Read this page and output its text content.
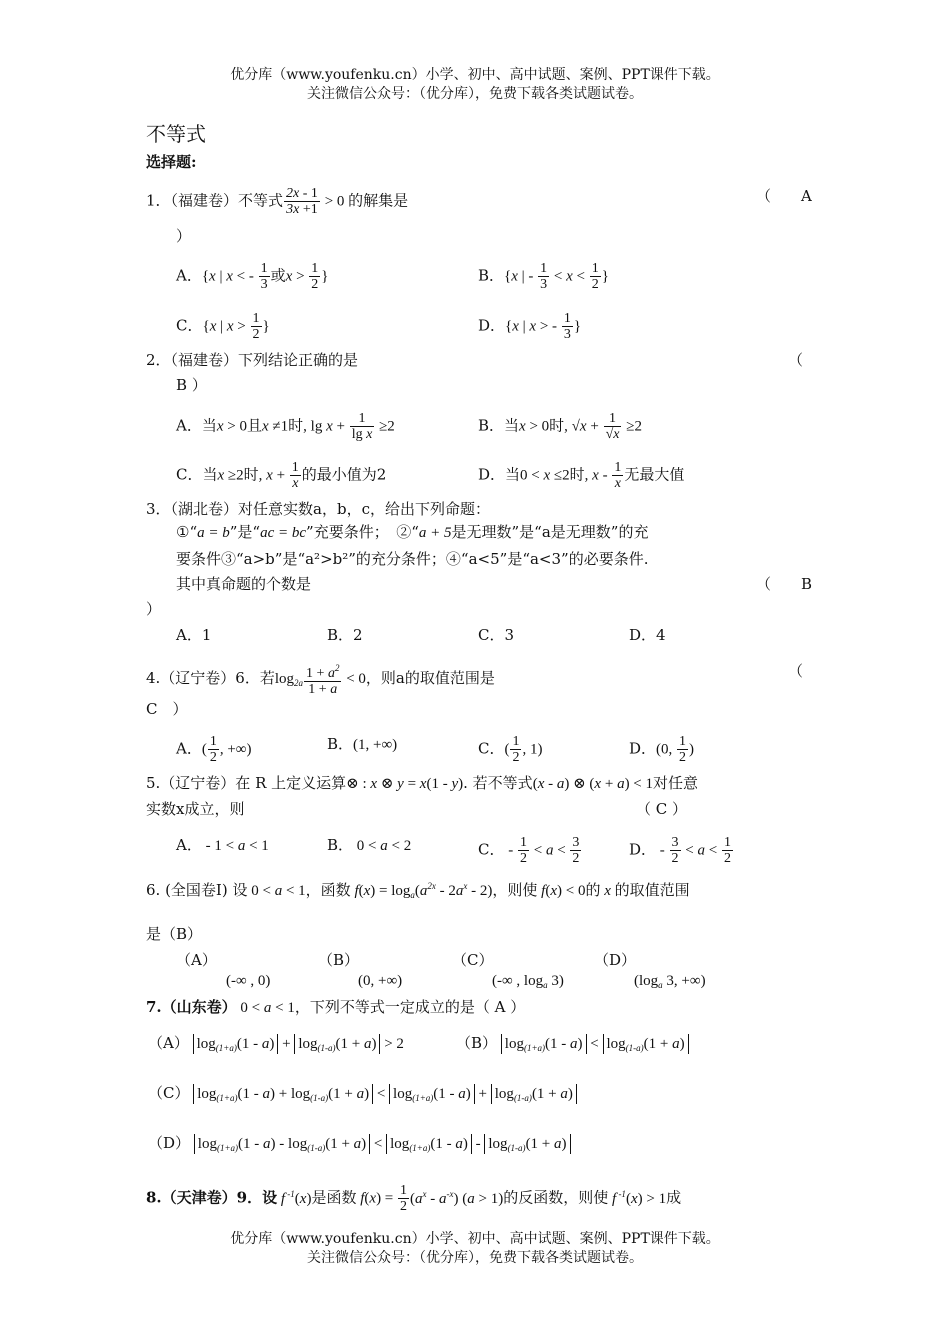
优分库（www.youfenku.cn）小学、初中、高中试题、案例、PPT课件下载。
关注微信公众号：（优分库），免费下载各类试题试卷。
不等式
选择题:
1．（福建卷）不等式 $\frac{2x - 1}{3x +1} > 0$ 的解集是	（ A
）
A．{x | x < - $\frac{1}{3}$ 或$x > \frac{1}{2}$ }	B．{x | - $\frac{1}{3} < x < \frac{1}{2}$ }
C．{x | $x > \frac{1}{2}$ }	D．{x | x > - $\frac{1}{3}$ }
2．（福建卷）下列结论正确的是	（
B ）
A．当x > 0且x ≠1时, $\lg x + \frac{1}{\text{lg x}} \ge 2$	B．当x > 0时, $√x + \frac{1}{√x} \ge 2$
C．当x ≥2时, $x + \frac{1}{x}$ 的最小值为2	D．当0 < x ≤2时, x - $\frac{1}{x}$ 无最大值
3．（湖北卷）对任意实数a，b，c，给出下列命题：
①“a = b”是“ac = bc”充要条件；　②“a + 5是无理数”是“a是无理数”的充
要条件③“a>b”是“a²>b²”的充分条件；④“a<5”是“a<3”的必要条件.
其中真命题的个数是	（ B
）
A．1	B．2	C．3	D．4
4.（辽宁卷）6．若$\log_{2a} \frac{1 + a^2}{1 + a} < 0$，则a的取值范围是	（
C　 ）
A．( $\frac{1}{2}$ , +∞)	B．(1, +∞)	C．( $\frac{1}{2}$ , 1)	D．(0, $\frac{1}{2}$ )
5.（辽宁卷）在 R 上定义运算⊗ : x ⊗ y = x(1 - y). 若不等式(x - a) ⊗ (x + a) < 1对任意
实数x成立，则	（ C ）
A． - 1 < a < 1	B． 0 < a < 2	C． - $\frac{1}{2} < a < \frac{3}{2}$	D． - $\frac{3}{2} < a < \frac{1}{2}$
6. (全国卷Ⅰ) 设 0 < a < 1，函数 $f(x) = \log_a(a^{2x} - 2a^x - 2)$，则使 f(x) < 0的 x 的取值范围
是（B）
（A）
(-∞ , 0)
（B）
(0, +∞)
（C）
(-∞ , $\log_a 3$)
（D）
($\log_a$ 3, +∞)
7.（山东卷） 0 < a < 1，下列不等式一定成立的是（ A ）
（A） $\log_{(1+a)}(1 - a) + \log_{(1-a)}(1 + a) > 2$	（B） $\log_{(1+a)}(1 - a) < \log_{(1-a)}(1 + a)$
（C） $\log_{(1+a)}(1 - a) + \log_{(1-a)}(1 + a) < \log_{(1+a)}(1 - a) + \log_{(1-a)}(1 + a)$
（D） $\log_{(1+a)}(1 - a) - \log_{(1-a)}(1 + a) < \log_{(1+a)}(1 - a) - \log_{(1-a)}(1 + a)$
8.（天津卷）9．设 f $^{-1}$(x)是函数 $f(x) = \frac{1}{2} (a^x - a^{-x}) (a > 1)$的反函数，则使 f $^{-1}$(x) > 1成
优分库（www.youfenku.cn）小学、初中、高中试题、案例、PPT课件下载。
关注微信公众号：（优分库），免费下载各类试题试卷。
